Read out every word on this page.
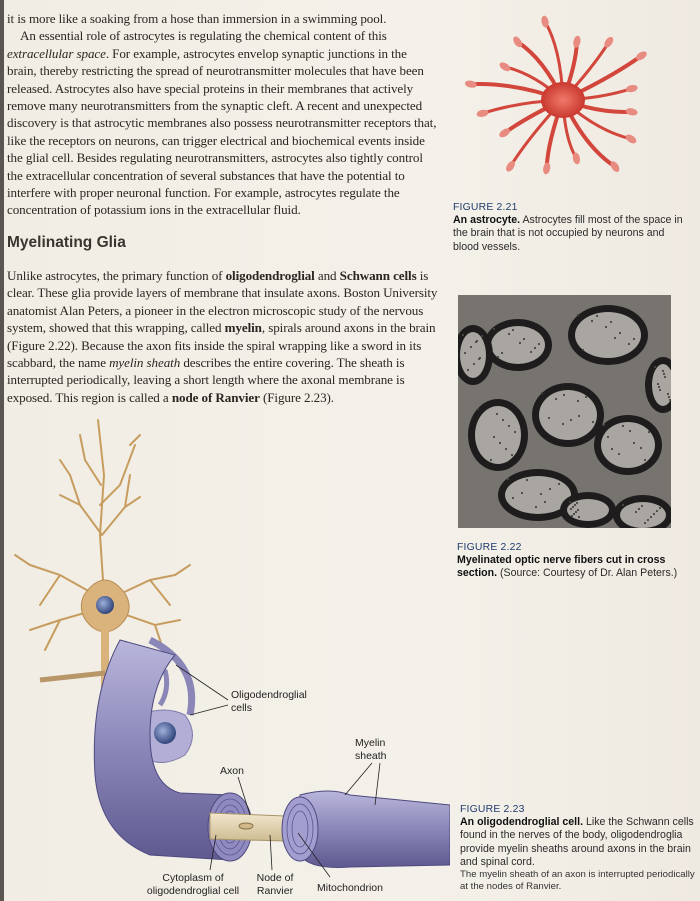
it is more like a soaking from a hose than immersion in a swimming pool.
 An essential role of astrocytes is regulating the chemical content of this extracellular space. For example, astrocytes envelop synaptic junctions in the brain, thereby restricting the spread of neurotransmitter molecules that have been released. Astrocytes also have special proteins in their membranes that actively remove many neurotransmitters from the synaptic cleft. A recent and unexpected discovery is that astrocytic membranes also possess neurotransmitter receptors that, like the receptors on neurons, can trigger electrical and biochemical events inside the glial cell. Besides regulating neurotransmitters, astrocytes also tightly control the extracellular concentration of several substances that have the potential to interfere with proper neuronal function. For example, astrocytes regulate the concentration of potassium ions in the extracellular fluid.
Myelinating Glia
Unlike astrocytes, the primary function of oligodendroglial and Schwann cells is clear. These glia provide layers of membrane that insulate axons. Boston University anatomist Alan Peters, a pioneer in the electron microscopic study of the nervous system, showed that this wrapping, called myelin, spirals around axons in the brain (Figure 2.22). Because the axon fits inside the spiral wrapping like a sword in its scabbard, the name myelin sheath describes the entire covering. The sheath is interrupted periodically, leaving a short length where the axonal membrane is exposed. This region is called a node of Ranvier (Figure 2.23).
FIGURE 2.21
An astrocyte. Astrocytes fill most of the space in the brain that is not occupied by neurons and blood vessels.
FIGURE 2.22
Myelinated optic nerve fibers cut in cross section. (Source: Courtesy of Dr. Alan Peters.)
Oligodendroglial cells
Myelin sheath
Axon
Cytoplasm of oligodendroglial cell
Node of Ranvier	Mitochondrion
FIGURE 2.23
An oligodendroglial cell. Like the Schwann cells found in the nerves of the body, oligodendroglia provide myelin sheaths around axons in the brain and spinal cord.
The myelin sheath of an axon is interrupted periodically at the nodes of Ranvier.
